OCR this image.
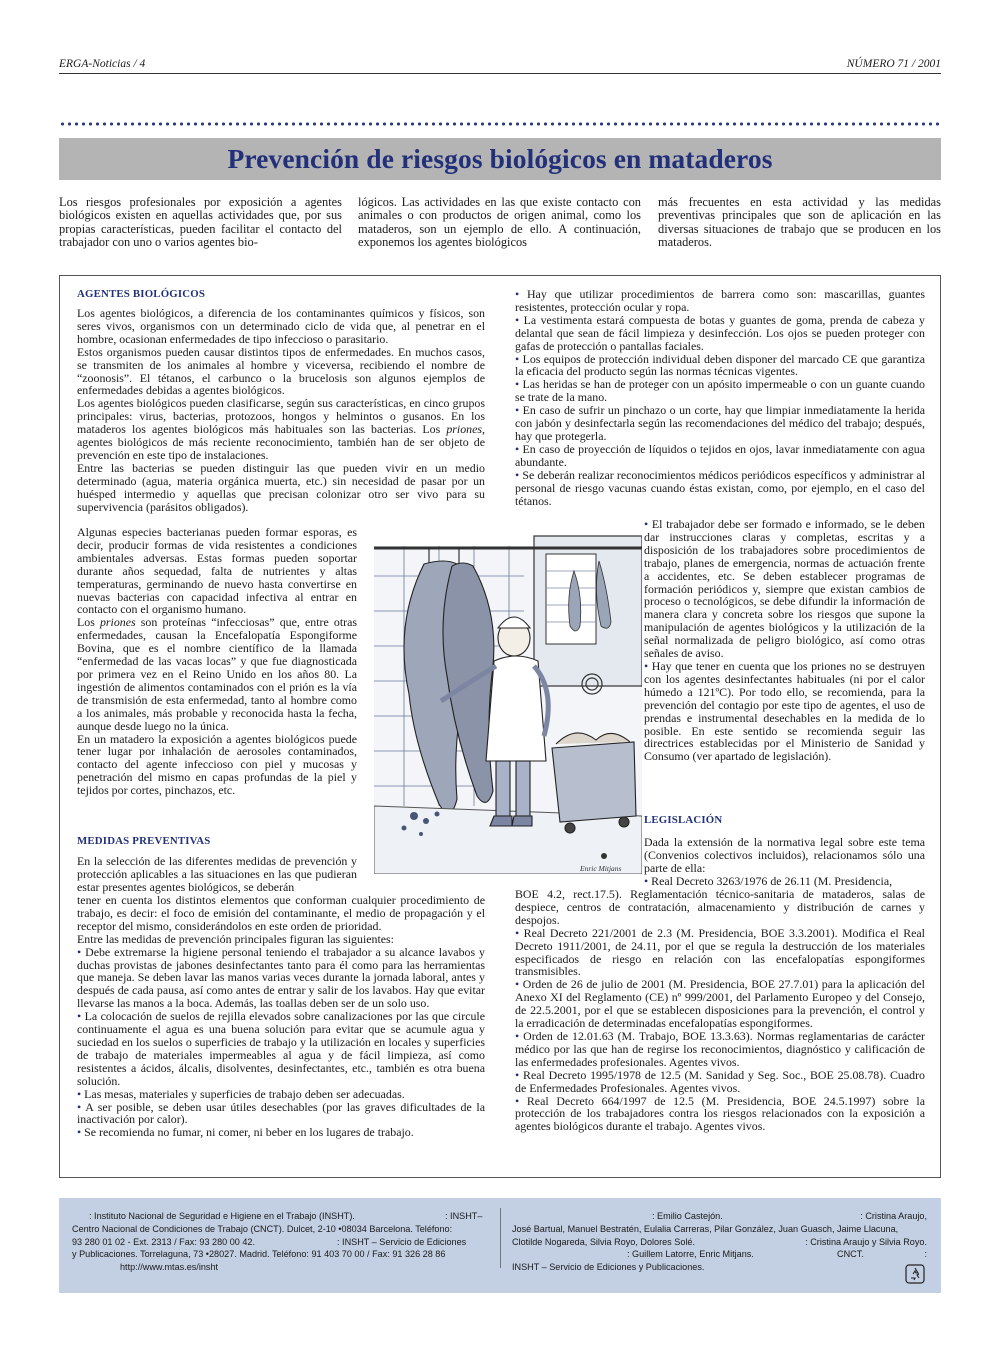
ERGA-Noticias / 4	NÚMERO 71 / 2001
Prevención de riesgos biológicos en mataderos
Los riesgos profesionales por exposición a agentes biológicos existen en aquellas actividades que, por sus propias características, pueden facilitar el contacto del trabajador con uno o varios agentes bio-
lógicos. Las actividades en las que existe contacto con animales o con productos de origen animal, como los mataderos, son un ejemplo de ello. A continuación, exponemos los agentes biológicos
más frecuentes en esta actividad y las medidas preventivas principales que son de aplicación en las diversas situaciones de trabajo que se producen en los mataderos.
AGENTES BIOLÓGICOS

Los agentes biológicos, a diferencia de los contaminantes químicos y físicos, son seres vivos, organismos con un determinado ciclo de vida que, al penetrar en el hombre, ocasionan enfermedades de tipo infeccioso o parasitario.

Estos organismos pueden causar distintos tipos de enfermedades. En muchos casos, se transmiten de los animales al hombre y viceversa, recibiendo el nombre de “zoonosis”. El tétanos, el carbunco o la brucelosis son algunos ejemplos de enfermedades debidas a agentes biológicos.

Los agentes biológicos pueden clasificarse, según sus características, en cinco grupos principales: virus, bacterias, protozoos, hongos y helmintos o gusanos. En los mataderos los agentes biológicos más habituales son las bacterias. Los priones, agentes biológicos de más reciente reconocimiento, también han de ser objeto de prevención en este tipo de instalaciones.

Entre las bacterias se pueden distinguir las que pueden vivir en un medio determinado (agua, materia orgánica muerta, etc.) sin necesidad de pasar por un huésped intermedio y aquellas que precisan colonizar otro ser vivo para su supervivencia (parásitos obligados).

Algunas especies bacterianas pueden formar esporas, es decir, producir formas de vida resistentes a condiciones ambientales adversas. Estas formas pueden soportar durante años sequedad, falta de nutrientes y altas temperaturas, germinando de nuevo hasta convertirse en nuevas bacterias con capacidad infectiva al entrar en contacto con el organismo humano.

Los priones son proteínas “infecciosas” que, entre otras enfermedades, causan la Encefalopatía Espongiforme Bovina, que es el nombre científico de la llamada “enfermedad de las vacas locas” y que fue diagnosticada por primera vez en el Reino Unido en los años 80. La ingestión de alimentos contaminados con el prión es la vía de transmisión de esta enfermedad, tanto al hombre como a los animales, más probable y reconocida hasta la fecha, aunque desde luego no la única.

En un matadero la exposición a agentes biológicos puede tener lugar por inhalación de aerosoles contaminados, contacto del agente infeccioso con piel y mucosas y penetración del mismo en capas profundas de la piel y tejidos por cortes, pinchazos, etc.

MEDIDAS PREVENTIVAS

En la selección de las diferentes medidas de prevención y protección aplicables a las situaciones en las que pudieran estar presentes agentes biológicos, se deberán

tener en cuenta los distintos elementos que conforman cualquier procedimiento de trabajo, es decir: el foco de emisión del contaminante, el medio de propagación y el receptor del mismo, considerándolos en este orden de prioridad.

Entre las medidas de prevención principales figuran las siguientes:

• Debe extremarse la higiene personal teniendo el trabajador a su alcance lavabos y duchas provistas de jabones desinfectantes tanto para él como para las herramientas que maneja. Se deben lavar las manos varias veces durante la jornada laboral, antes y después de cada pausa, así como antes de entrar y salir de los lavabos. Hay que evitar llevarse las manos a la boca. Además, las toallas deben ser de un solo uso.

• La colocación de suelos de rejilla elevados sobre canalizaciones por las que circule continuamente el agua es una buena solución para evitar que se acumule agua y suciedad en los suelos o superficies de trabajo y la utilización en locales y superficies de trabajo de materiales impermeables al agua y de fácil limpieza, así como resistentes a ácidos, álcalis, disolventes, desinfectantes, etc., también es otra buena solución.

• Las mesas, materiales y superficies de trabajo deben ser adecuadas.

• A ser posible, se deben usar útiles desechables (por las graves dificultades de la inactivación por calor).

• Se recomienda no fumar, ni comer, ni beber en los lugares de trabajo.

• Hay que utilizar procedimientos de barrera como son: mascarillas, guantes resistentes, protección ocular y ropa.

• La vestimenta estará compuesta de botas y guantes de goma, prenda de cabeza y delantal que sean de fácil limpieza y desinfección. Los ojos se pueden proteger con gafas de protección o pantallas faciales.

• Los equipos de protección individual deben disponer del marcado CE que garantiza la eficacia del producto según las normas técnicas vigentes.

• Las heridas se han de proteger con un apósito impermeable o con un guante cuando se trate de la mano.

• En caso de sufrir un pinchazo o un corte, hay que limpiar inmediatamente la herida con jabón y desinfectarla según las recomendaciones del médico del trabajo; después, hay que protegerla.

• En caso de proyección de líquidos o tejidos en ojos, lavar inmediatamente con agua abundante.

• Se deberán realizar reconocimientos médicos periódicos específicos y administrar al personal de riesgo vacunas cuando éstas existan, como, por ejemplo, en el caso del tétanos.

• El trabajador debe ser formado e informado, se le deben dar instrucciones claras y completas, escritas y a disposición de los trabajadores sobre procedimientos de trabajo, planes de emergencia, normas de actuación frente a accidentes, etc. Se deben establecer programas de formación periódicos y, siempre que existan cambios de proceso o tecnológicos, se debe difundir la información de manera clara y concreta sobre los riesgos que supone la manipulación de agentes biológicos y la utilización de la señal normalizada de peligro biológico, así como otras señales de aviso.

• Hay que tener en cuenta que los priones no se destruyen con los agentes desinfectantes habituales (ni por el calor húmedo a 121ºC). Por todo ello, se recomienda, para la prevención del contagio por este tipo de agentes, el uso de prendas e instrumental desechables en la medida de lo posible. En este sentido se recomienda seguir las directrices establecidas por el Ministerio de Sanidad y Consumo (ver apartado de legislación).

LEGISLACIÓN

Dada la extensión de la normativa legal sobre este tema (Convenios colectivos incluidos), relacionamos sólo una parte de ella:

• Real Decreto 3263/1976 de 26.11 (M. Presidencia,

BOE 4.2, rect.17.5). Reglamentación técnico-sanitaria de mataderos, salas de despiece, centros de contratación, almacenamiento y distribución de carnes y despojos.

• Real Decreto 221/2001 de 2.3 (M. Presidencia, BOE 3.3.2001). Modifica el Real Decreto 1911/2001, de 24.11, por el que se regula la destrucción de los materiales especificados de riesgo en relación con las encefalopatías espongiformes transmisibles.

• Orden de 26 de julio de 2001 (M. Presidencia, BOE 27.7.01) para la aplicación del Anexo XI del Reglamento (CE) nº 999/2001, del Parlamento Europeo y del Consejo, de 22.5.2001, por el que se establecen disposiciones para la prevención, el control y la erradicación de determinadas encefalopatías espongiformes.

• Orden de 12.01.63 (M. Trabajo, BOE 13.3.63). Normas reglamentarias de carácter médico por las que han de regirse los reconocimientos, diagnóstico y calificación de las enfermedades profesionales. Agentes vivos.

• Real Decreto 1995/1978 de 12.5 (M. Sanidad y Seg. Soc., BOE 25.08.78). Cuadro de Enfermedades Profesionales. Agentes vivos.

• Real Decreto 664/1997 de 12.5 (M. Presidencia, BOE 24.5.1997) sobre la protección de los trabajadores contra los riesgos relacionados con la exposición a agentes biológicos durante el trabajo. Agentes vivos.

Enric Mitjans
: Instituto Nacional de Seguridad e Higiene en el Trabajo (INSHT).	: INSHT–
Centro Nacional de Condiciones de Trabajo (CNCT). Dulcet, 2-10 •08034 Barcelona. Teléfono:
93 280 01 02 - Ext. 2313 / Fax: 93 280 00 42.	: INSHT – Servicio de Ediciones
y Publicaciones. Torrelaguna, 73 •28027. Madrid. Teléfono: 91 403 70 00 / Fax: 91 326 28 86
http://www.mtas.es/insht
: Emilio Castejón.	: Cristina Araujo,
José Bartual, Manuel Bestratén, Eulalia Carreras, Pilar González, Juan Guasch, Jaime Llacuna,
Clotilde Nogareda, Silvia Royo, Dolores Solé.	: Cristina Araujo y Silvia Royo.
: Guillem Latorre, Enric Mitjans.	CNCT.	:
INSHT – Servicio de Ediciones y Publicaciones.
